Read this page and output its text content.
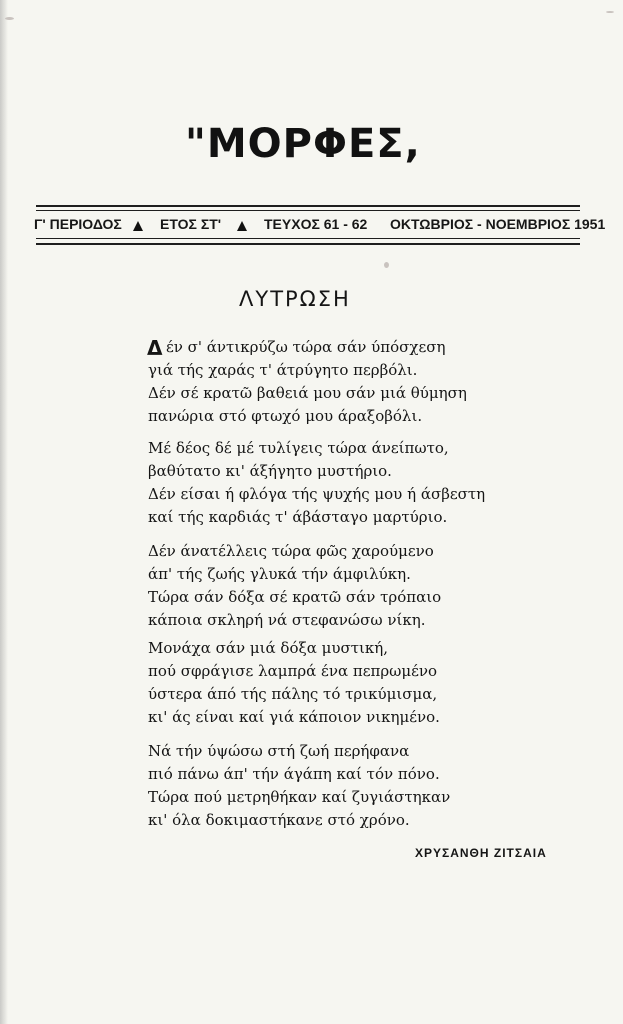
"ΜΟΡΦΕΣ,
Γ' ΠΕΡΙΟΔΟΣ	ΕΤΟΣ ΣΤ'	ΤΕΥΧΟΣ 61 - 62 ΟΚΤΩΒΡΙΟΣ - ΝΟΕΜΒΡΙΟΣ 1951
ΛΥΤΡΩΣΗ
Δ έν σ' άντικρύζω τώρα σάν ύπόσχεση
γιά τής χαράς τ' άτρύγητο περβόλι.
Δέν σέ κρατῶ βαθειά μου σάν μιά θύμηση
πανώρια στό φτωχό μου άραξοβόλι.
Μέ δέος δέ μέ τυλίγεις τώρα άνείπωτο,
βαθύτατο κι' άξήγητο μυστήριο.
Δέν είσαι ή φλόγα τής ψυχής μου ή άσβεστη
καί τής καρδιάς τ' άβάσταγο μαρτύριο.
Δέν άνατέλλεις τώρα φῶς χαρούμενο
άπ' τής ζωής γλυκά τήν άμφιλύκη.
Τώρα σάν δόξα σέ κρατῶ σάν τρόπαιο
κάποια σκληρή νά στεφανώσω νίκη.
Μονάχα σάν μιά δόξα μυστική,
πού σφράγισε λαμπρά ένα πεπρωμένο
ύστερα άπό τής πάλης τό τρικύμισμα,
κι' άς είναι καί γιά κάποιον νικημένο.
Νά τήν ύψώσω στή ζωή περήφανα
πιό πάνω άπ' τήν άγάπη καί τόν πόνο.
Τώρα πού μετρηθήκαν καί ζυγιάστηκαν
κι' όλα δοκιμαστήκανε στό χρόνο.

ΧΡΥΣΑΝΘΗ ΖΙΤΣΑΙΑ
